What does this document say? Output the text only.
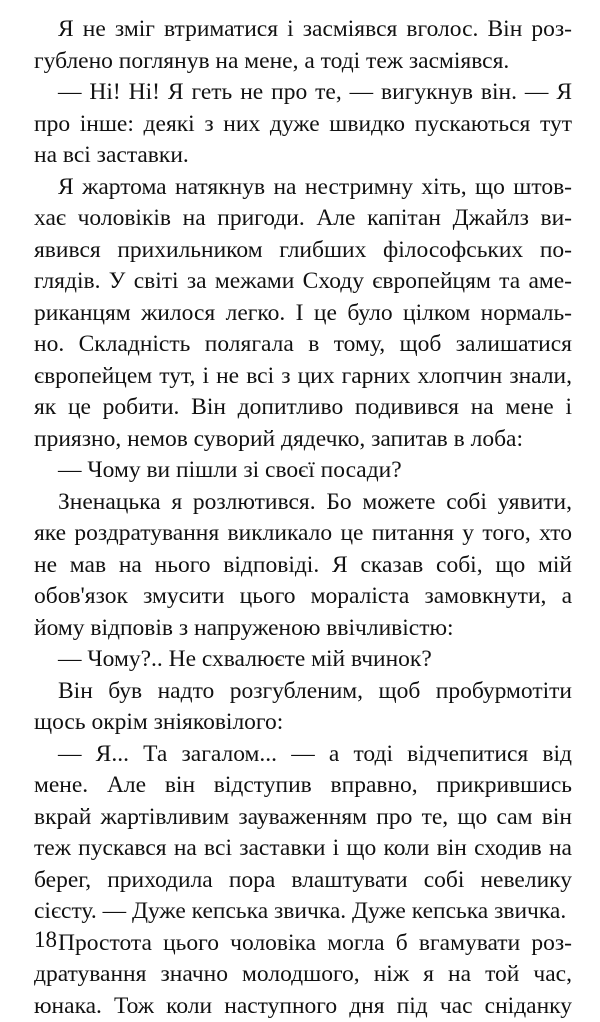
Я не зміг втриматися і засміявся вголос. Він роз-
гублено поглянув на мене, а тоді теж засміявся.
— Ні! Ні! Я геть не про те, — вигукнув він. — Я
про інше: деякі з них дуже швидко пускаються тут
на всі заставки.
Я жартома натякнув на нестримну хіть, що штов-
хає чоловіків на пригоди. Але капітан Джайлз ви-
явився прихильником глибших філософських по-
глядів. У світі за межами Сходу європейцям та аме-
риканцям жилося легко. І це було цілком нормаль-
но. Складність полягала в тому, щоб залишатися
європейцем тут, і не всі з цих гарних хлопчин знали,
як це робити. Він допитливо подивився на мене і
приязно, немов суворий дядечко, запитав в лоба:
— Чому ви пішли зі своєї посади?
Зненацька я розлютився. Бо можете собі уявити,
яке роздратування викликало це питання у того, хто
не мав на нього відповіді. Я сказав собі, що мій
обов'язок змусити цього мораліста замовкнути, а
йому відповів з напруженою ввічливістю:
— Чому?.. Не схвалюєте мій вчинок?
Він був надто розгубленим, щоб пробурмотіти
щось окрім зніяковілого:
— Я... Та загалом... — а тоді відчепитися від
мене. Але він відступив вправно, прикрившись
вкрай жартівливим зауваженням про те, що сам він
теж пускався на всі заставки і що коли він сходив на
берег, приходила пора влаштувати собі невелику
сієсту. — Дуже кепська звичка. Дуже кепська звичка.
Простота цього чоловіка могла б вгамувати роз-
дратування значно молодшого, ніж я на той час,
юнака. Тож коли наступного дня під час сніданку
18
